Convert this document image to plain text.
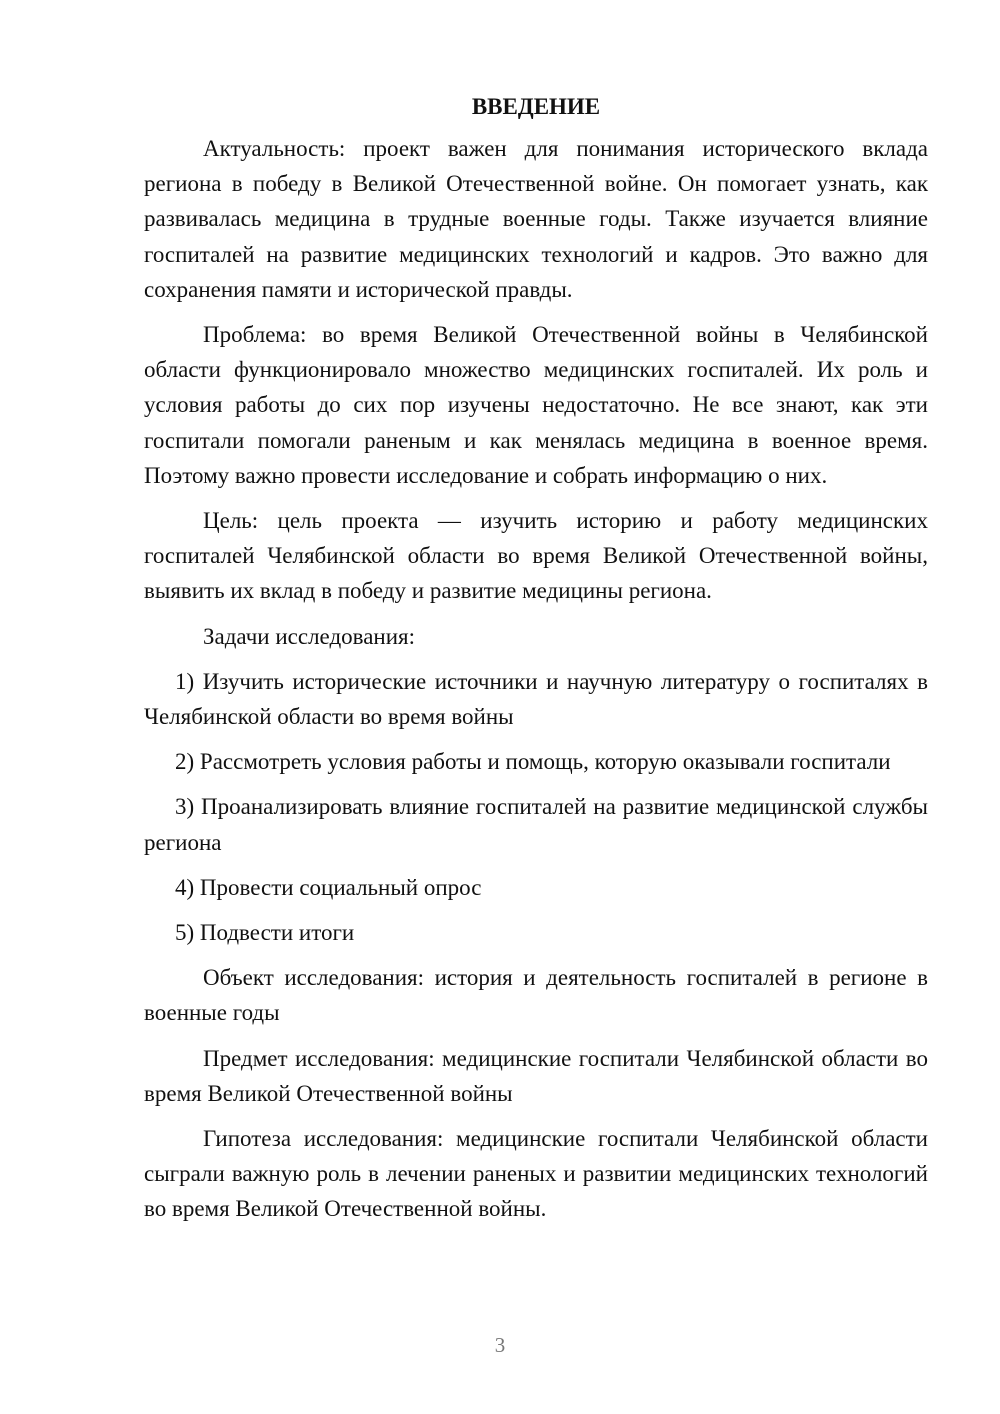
ВВЕДЕНИЕ

Актуальность: проект важен для понимания исторического вклада региона в победу в Великой Отечественной войне. Он помогает узнать, как развивалась медицина в трудные военные годы. Также изучается влияние госпиталей на развитие медицинских технологий и кадров. Это важно для сохранения памяти и исторической правды.

Проблема: во время Великой Отечественной войны в Челябинской области функционировало множество медицинских госпиталей. Их роль и условия работы до сих пор изучены недостаточно. Не все знают, как эти госпитали помогали раненым и как менялась медицина в военное время. Поэтому важно провести исследование и собрать информацию о них.

Цель: цель проекта — изучить историю и работу медицинских госпиталей Челябинской области во время Великой Отечественной войны, выявить их вклад в победу и развитие медицины региона.

Задачи исследования:

1) Изучить исторические источники и научную литературу о госпиталях в Челябинской области во время войны

2) Рассмотреть условия работы и помощь, которую оказывали госпитали

3) Проанализировать влияние госпиталей на развитие медицинской службы региона

4) Провести социальный опрос

5) Подвести итоги

Объект исследования: история и деятельность госпиталей в регионе в военные годы

Предмет исследования: медицинские госпитали Челябинской области во время Великой Отечественной войны

Гипотеза исследования: медицинские госпитали Челябинской области сыграли важную роль в лечении раненых и развитии медицинских технологий во время Великой Отечественной войны.

3
